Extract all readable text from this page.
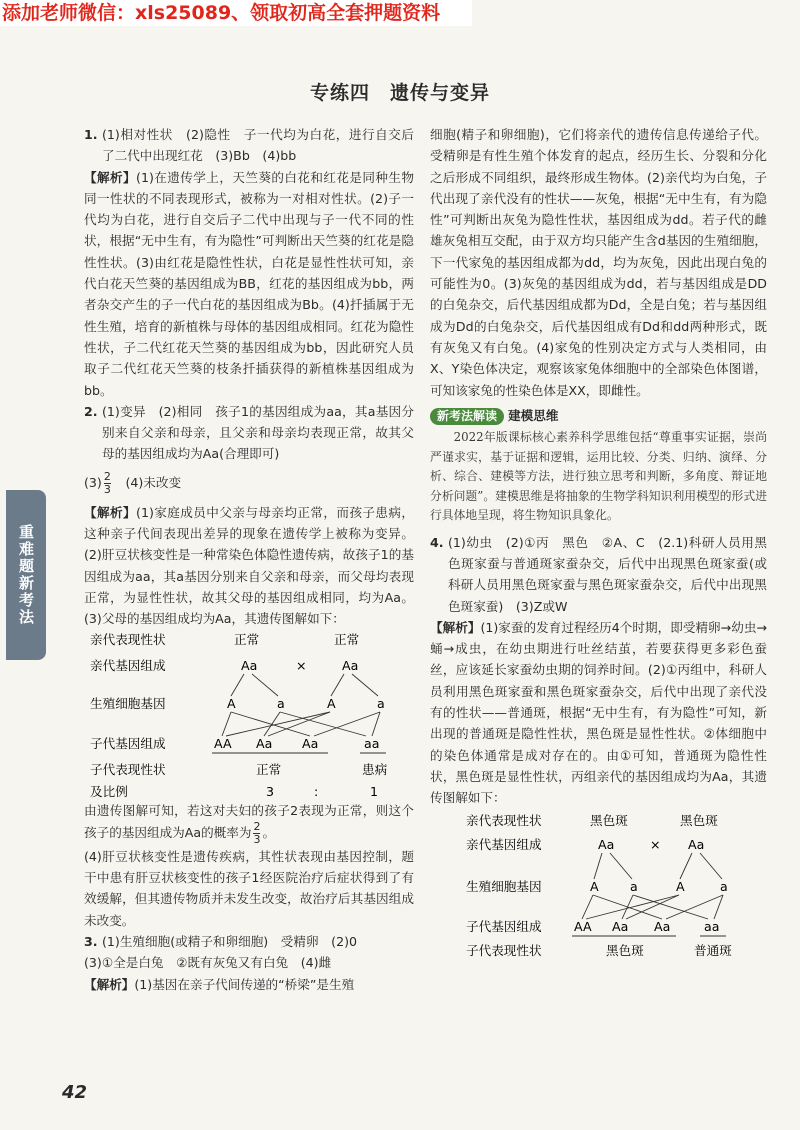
添加老师微信：xls25089、领取初高全套押题资料
专练四　遗传与变异
重难题新考法

1. (1)相对性状　(2)隐性　子一代均为白花，进行自交后了二代中出现红花　(3)Bb　(4)bb

【解析】(1)在遗传学上，天竺葵的白花和红花是同种生物同一性状的不同表现形式，被称为一对相对性状。(2)子一代均为白花，进行自交后子二代中出现与子一代不同的性状，根据“无中生有，有为隐性”可判断出天竺葵的红花是隐性性状。(3)由红花是隐性性状，白花是显性性状可知，亲代白花天竺葵的基因组成为BB，红花的基因组成为bb，两者杂交产生的子一代白花的基因组成为Bb。(4)扦插属于无性生殖，培育的新植株与母体的基因组成相同。红花为隐性性状，子二代红花天竺葵的基因组成为bb，因此研究人员取子二代红花天竺葵的枝条扦插获得的新植株基因组成为bb。

2. (1)变异　(2)相同　孩子1的基因组成为aa，其a基因分别来自父亲和母亲，且父亲和母亲均表现正常，故其父母的基因组成均为Aa(合理即可)

$(3) \frac{2}{3}$ 　(4)未改变

【解析】(1)家庭成员中父亲与母亲均正常，而孩子患病，这种亲子代间表现出差异的现象在遗传学上被称为变异。(2)肝豆状核变性是一种常染色体隐性遗传病，故孩子1的基因组成为aa，其a基因分别来自父亲和母亲，而父母均表现正常，为显性性状，故其父母的基因组成相同，均为Aa。(3)父母的基因组成均为Aa，其遗传图解如下：

亲代表现性状	正常	正常
亲代基因组成	Aa	×	Aa
生殖细胞基因	A	a	A	a
子代基因组成	AA Aa Aa	aa
子代表现性状	正常	患病
及比例	3	:	1

由遗传图解可知，若这对夫妇的孩子2表现为正常，则这个孩子的基因组成为Aa的概率为 $\frac{2}{3}$ 。

(4)肝豆状核变性是遗传疾病，其性状表现由基因控制，题干中患有肝豆状核变性的孩子1经医院治疗后症状得到了有效缓解，但其遗传物质并未发生改变，故治疗后其基因组成未改变。

3. (1)生殖细胞(或精子和卵细胞)　受精卵　(2)0

(3)①全是白兔　②既有灰兔又有白兔　(4)雌

【解析】(1)基因在亲子代间传递的“桥梁”是生殖

细胞(精子和卵细胞)，它们将亲代的遗传信息传递给子代。受精卵是有性生殖个体发育的起点，经历生长、分裂和分化之后形成不同组织，最终形成生物体。(2)亲代均为白兔，子代出现了亲代没有的性状——灰兔，根据“无中生有，有为隐性”可判断出灰兔为隐性性状，基因组成为dd。若子代的雌雄灰兔相互交配，由于双方均只能产生含d基因的生殖细胞，下一代家兔的基因组成都为dd，均为灰兔，因此出现白兔的可能性为0。(3)灰兔的基因组成为dd，若与基因组成是DD的白兔杂交，后代基因组成都为Dd，全是白兔；若与基因组成为Dd的白兔杂交，后代基因组成有Dd和dd两种形式，既有灰兔又有白兔。(4)家兔的性别决定方式与人类相同，由X、Y染色体决定，观察该家兔体细胞中的全部染色体图谱，可知该家兔的性染色体是XX，即雌性。

新考法解读 建模思维

2022年版课标核心素养科学思维包括“尊重事实证据，崇尚严谨求实，基于证据和逻辑，运用比较、分类、归纳、演绎、分析、综合、建模等方法，进行独立思考和判断，多角度、辩证地分析问题”。建模思维是将抽象的生物学科知识利用模型的形式进行具体地呈现，将生物知识具象化。

4. (1)幼虫　(2)①丙　黑色　②A、C　(2.1)科研人员用黑色斑家蚕与普通斑家蚕杂交，后代中出现黑色斑家蚕(或科研人员用黑色斑家蚕与黑色斑家蚕杂交，后代中出现黑色斑家蚕)　(3)Z或W

【解析】(1)家蚕的发育过程经历4个时期，即受精卵→幼虫→蛹→成虫，在幼虫期进行吐丝结茧，若要获得更多彩色蚕丝，应该延长家蚕幼虫期的饲养时间。(2)①丙组中，科研人员利用黑色斑家蚕和黑色斑家蚕杂交，后代中出现了亲代没有的性状——普通斑，根据“无中生有，有为隐性”可知，新出现的普通斑是隐性性状，黑色斑是显性性状。②体细胞中的染色体通常是成对存在的。由①可知，普通斑为隐性性状，黑色斑是显性性状，丙组亲代的基因组成均为Aa，其遗传图解如下：

亲代表现性状	黑色斑	黑色斑
亲代基因组成	Aa	× Aa
生殖细胞基因	A a	A	a
子代基因组成	AA Aa Aa	aa
子代表现性状	黑色斑	普通斑
42
